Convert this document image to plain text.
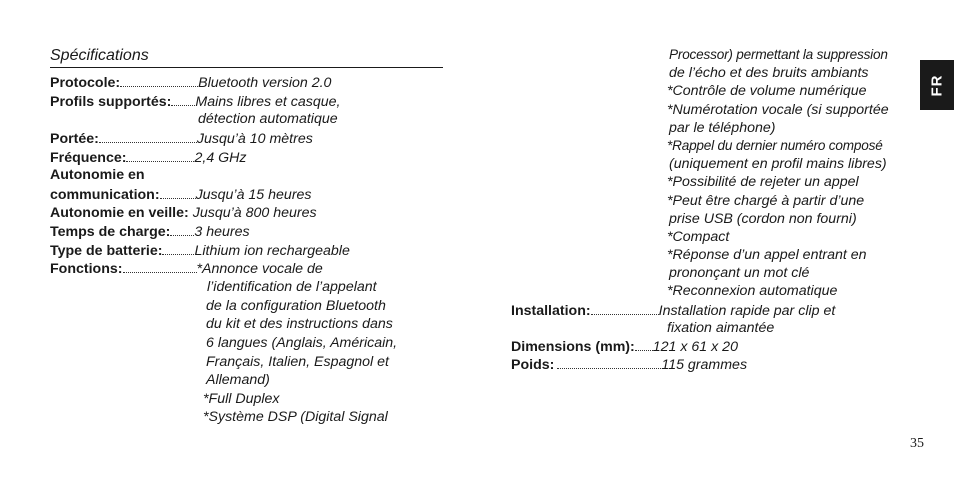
Spécifications
FR
Protocole:	Bluetooth version 2.0
Profils supportés: Mains libres et casque,
détection automatique
Portée:	Jusqu’à 10 mètres
Fréquence:	2,4 GHz
Autonomie en
communication:	Jusqu’à 15 heures
Autonomie en veille: Jusqu’à 800 heures
Temps de charge: 3 heures
Type de batterie: Lithium ion rechargeable
Fonctions:	*Annonce vocale de
l’identification de l’appelant
de la configuration Bluetooth
du kit et des instructions dans
6 langues (Anglais, Américain,
Français, Italien, Espagnol et
Allemand)
*Full Duplex
*Système DSP (Digital Signal
Processor) permettant la suppression
de l’écho et des bruits ambiants
*Contrôle de volume numérique
*Numérotation vocale (si supportée
par le téléphone)
*Rappel du dernier numéro composé
(uniquement en profil mains libres)
*Possibilité de rejeter un appel
*Peut être chargé à partir d’une
prise USB (cordon non fourni)
*Compact
*Réponse d’un appel entrant en
prononçant un mot clé
*Reconnexion automatique
Installation:	Installation rapide par clip et
fixation aimantée
Dimensions (mm): 121 x 61 x 20
Poids:	115 grammes
35
